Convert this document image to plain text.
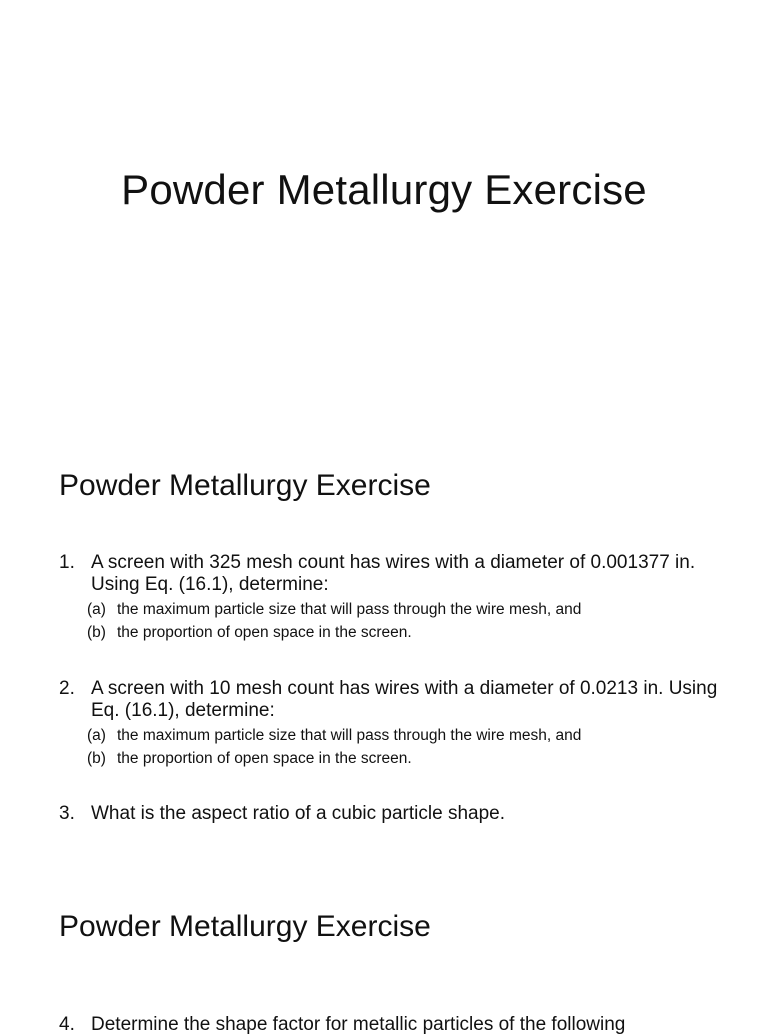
Powder Metallurgy Exercise
Powder Metallurgy Exercise
1. A screen with 325 mesh count has wires with a diameter of 0.001377 in. Using Eq. (16.1), determine:
(a) the maximum particle size that will pass through the wire mesh, and
(b) the proportion of open space in the screen.
2. A screen with 10 mesh count has wires with a diameter of 0.0213 in. Using Eq. (16.1), determine:
(a) the maximum particle size that will pass through the wire mesh, and
(b) the proportion of open space in the screen.
3. What is the aspect ratio of a cubic particle shape.
Powder Metallurgy Exercise
4. Determine the shape factor for metallic particles of the following
